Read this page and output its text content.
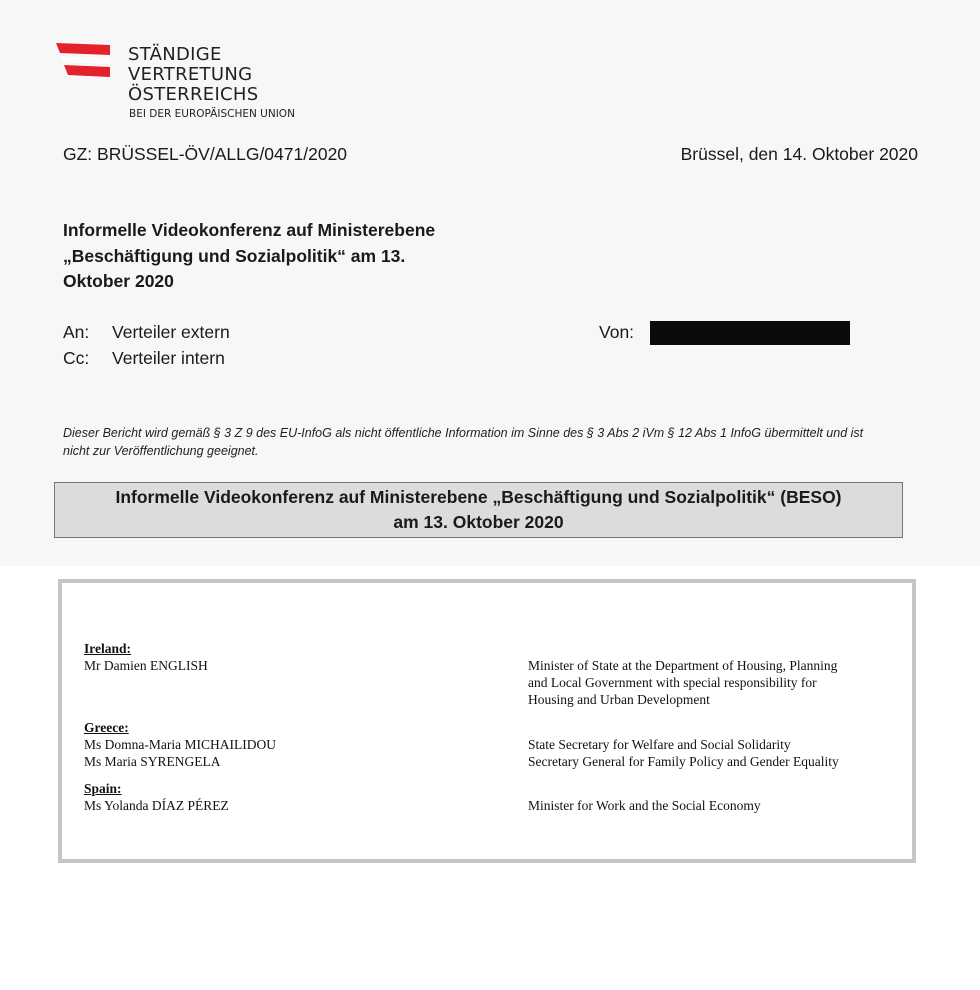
STÄNDIGE
VERTRETUNG
ÖSTERREICHS
BEI DER EUROPÄISCHEN UNION
GZ: BRÜSSEL-ÖV/ALLG/0471/2020	Brüssel, den 14. Oktober 2020
Informelle Videokonferenz auf Ministerebene
„Beschäftigung und Sozialpolitik“ am 13.
Oktober 2020
An: Verteiler extern
Cc: Verteiler intern
Von:
Dieser Bericht wird gemäß § 3 Z 9 des EU-InfoG als nicht öffentliche Information im Sinne des § 3 Abs 2 iVm § 12 Abs 1 InfoG übermittelt und ist nicht zur Veröffentlichung geeignet.
Informelle Videokonferenz auf Ministerebene „Beschäftigung und Sozialpolitik“ (BESO)
am 13. Oktober 2020
Ireland:
Mr Damien ENGLISH	Minister of State at the Department of Housing, Planning
and Local Government with special responsibility for
Housing and Urban Development
Greece:
Ms Domna-Maria MICHAILIDOU	State Secretary for Welfare and Social Solidarity
Ms Maria SYRENGELA	Secretary General for Family Policy and Gender Equality
Spain:
Ms Yolanda DÍAZ PÉREZ	Minister for Work and the Social Economy
